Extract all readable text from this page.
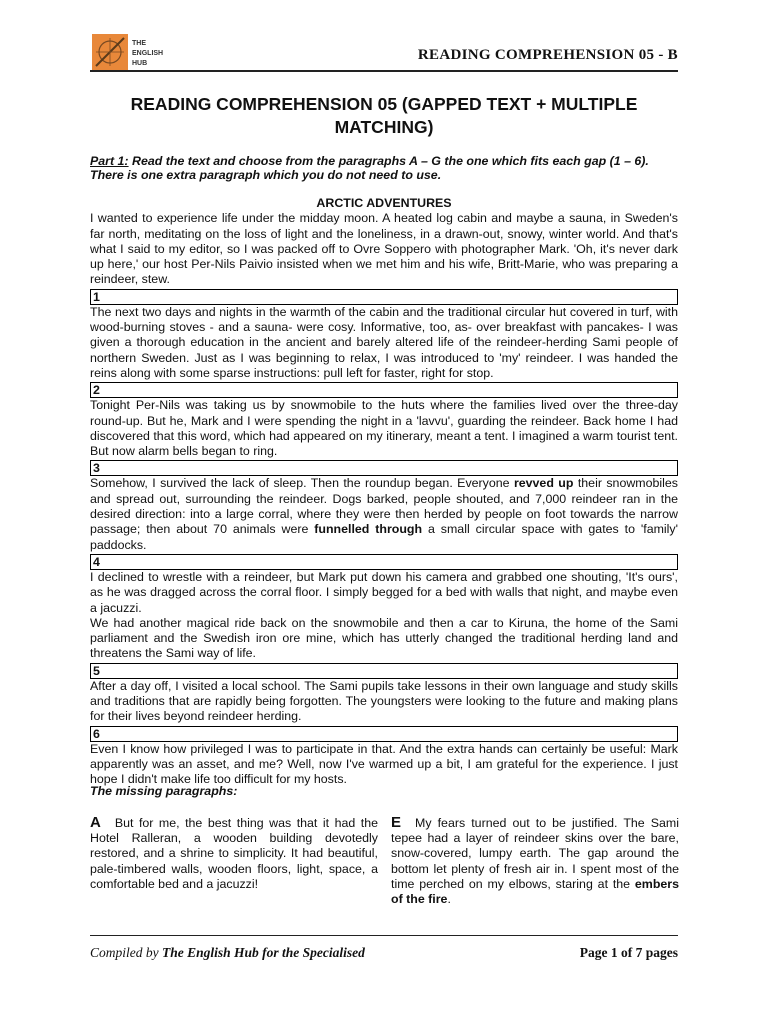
THE
ENGLISH
HUB
READING COMPREHENSION 05 - B
READING COMPREHENSION 05 (GAPPED TEXT + MULTIPLE MATCHING)
Part 1: Read the text and choose from the paragraphs A – G the one which fits each gap (1 – 6). There is one extra paragraph which you do not need to use.

ARCTIC ADVENTURES

I wanted to experience life under the midday moon. A heated log cabin and maybe a sauna, in Sweden's far north, meditating on the loss of light and the loneliness, in a drawn-out, snowy, winter world. And that's what I said to my editor, so I was packed off to Ovre Soppero with photographer Mark. 'Oh, it's never dark up here,' our host Per-Nils Paivio insisted when we met him and his wife, Britt-Marie, who was preparing a reindeer, stew.

1

The next two days and nights in the warmth of the cabin and the traditional circular hut covered in turf, with wood-burning stoves - and a sauna- were cosy. Informative, too, as- over breakfast with pancakes- I was given a thorough education in the ancient and barely altered life of the reindeer-herding Sami people of northern Sweden. Just as I was beginning to relax, I was introduced to 'my' reindeer. I was handed the reins along with some sparse instructions: pull left for faster, right for stop.

2

Tonight Per-Nils was taking us by snowmobile to the huts where the families lived over the three-day round-up. But he, Mark and I were spending the night in a 'lavvu', guarding the reindeer. Back home I had discovered that this word, which had appeared on my itinerary, meant a tent. I imagined a warm tourist tent. But now alarm bells began to ring.

3

Somehow, I survived the lack of sleep. Then the roundup began. Everyone revved up their snowmobiles and spread out, surrounding the reindeer. Dogs barked, people shouted, and 7,000 reindeer ran in the desired direction: into a large corral, where they were then herded by people on foot towards the narrow passage; then about 70 animals were funnelled through a small circular space with gates to 'family' paddocks.

4

I declined to wrestle with a reindeer, but Mark put down his camera and grabbed one shouting, 'It's ours', as he was dragged across the corral floor. I simply begged for a bed with walls that night, and maybe even a jacuzzi.

We had another magical ride back on the snowmobile and then a car to Kiruna, the home of the Sami parliament and the Swedish iron ore mine, which has utterly changed the traditional herding land and threatens the Sami way of life.

5

After a day off, I visited a local school. The Sami pupils take lessons in their own language and study skills and traditions that are rapidly being forgotten. The youngsters were looking to the future and making plans for their lives beyond reindeer herding.

6

Even I know how privileged I was to participate in that. And the extra hands can certainly be useful: Mark apparently was an asset, and me? Well, now I've warmed up a bit, I am grateful for the experience. I just hope I didn't make life too difficult for my hosts.

The missing paragraphs:
A But for me, the best thing was that it had the Hotel Ralleran, a wooden building devotedly restored, and a shrine to simplicity. It had beautiful, pale-timbered walls, wooden floors, light, space, a comfortable bed and a jacuzzi!
E My fears turned out to be justified. The Sami tepee had a layer of reindeer skins over the bare, snow-covered, lumpy earth. The gap around the bottom let plenty of fresh air in. I spent most of the time perched on my elbows, staring at the embers of the fire.
Compiled by The English Hub for the Specialised	Page 1 of 7 pages
